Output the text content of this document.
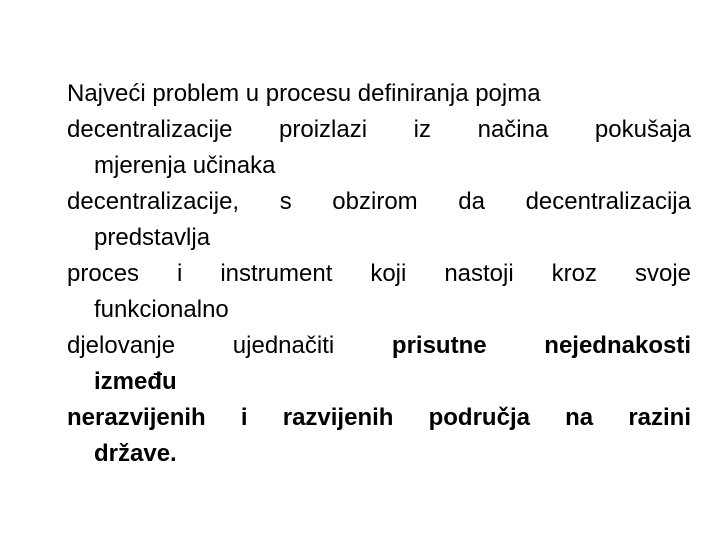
Najveći problem u procesu definiranja pojma
decentralizacije proizlazi iz načina pokušaja
mjerenja učinaka
decentralizacije, s obzirom da decentralizacija
predstavlja
proces i instrument koji nastoji kroz svoje
funkcionalno
djelovanje ujednačiti prisutne nejednakosti
između
nerazvijenih i razvijenih područja na razini
države.
